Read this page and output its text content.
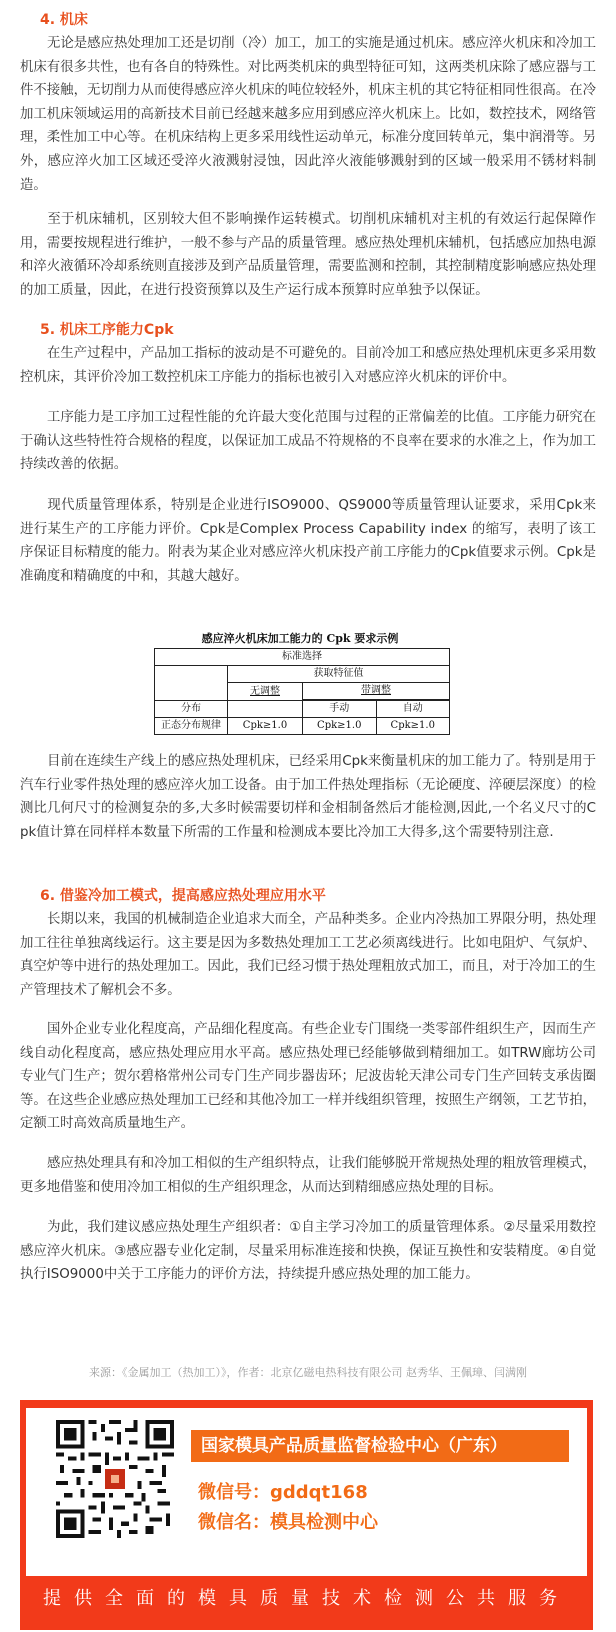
4. 机床
无论是感应热处理加工还是切削（冷）加工，加工的实施是通过机床。感应淬火机床和冷加工机床有很多共性，也有各自的特殊性。对比两类机床的典型特征可知，这两类机床除了感应器与工件不接触，无切削力从而使得感应淬火机床的吨位较轻外，机床主机的其它特征相同性很高。在冷加工机床领域运用的高新技术目前已经越来越多应用到感应淬火机床上。比如，数控技术，网络管理，柔性加工中心等。在机床结构上更多采用线性运动单元，标准分度回转单元，集中润滑等。另外，感应淬火加工区域还受淬火液溅射浸蚀，因此淬火液能够溅射到的区域一般采用不锈材料制造。
至于机床辅机，区别较大但不影响操作运转模式。切削机床辅机对主机的有效运行起保障作用，需要按规程进行维护，一般不参与产品的质量管理。感应热处理机床辅机，包括感应加热电源和淬火液循环冷却系统则直接涉及到产品质量管理，需要监测和控制，其控制精度影响感应热处理的加工质量，因此，在进行投资预算以及生产运行成本预算时应单独予以保证。
5. 机床工序能力Cpk
在生产过程中，产品加工指标的波动是不可避免的。目前冷加工和感应热处理机床更多采用数控机床，其评价冷加工数控机床工序能力的指标也被引入对感应淬火机床的评价中。
工序能力是工序加工过程性能的允许最大变化范围与过程的正常偏差的比值。工序能力研究在于确认这些特性符合规格的程度，以保证加工成品不符规格的不良率在要求的水准之上，作为加工持续改善的依据。
现代质量管理体系，特别是企业进行ISO9000、QS9000等质量管理认证要求，采用Cpk来进行某生产的工序能力评价。Cpk是Complex Process Capability index 的缩写，表明了该工序保证目标精度的能力。附表为某企业对感应淬火机床投产前工序能力的Cpk值要求示例。Cpk是准确度和精确度的中和，其越大越好。
感应淬火机床加工能力的 Cpk 要求示例
标准选择			
	获取特征值		
	无调整	带调整	

分布		手动	自动
正态分布规律	Cpk≥1.0	Cpk≥1.0	Cpk≥1.0
目前在连续生产线上的感应热处理机床，已经采用Cpk来衡量机床的加工能力了。特别是用于汽车行业零件热处理的感应淬火加工设备。由于加工件热处理指标（无论硬度、淬硬层深度）的检测比几何尺寸的检测复杂的多,大多时候需要切样和金相制备然后才能检测,因此,一个名义尺寸的Cpk值计算在同样样本数量下所需的工作量和检测成本要比冷加工大得多,这个需要特别注意.
6. 借鉴冷加工模式，提高感应热处理应用水平
长期以来，我国的机械制造企业追求大而全，产品种类多。企业内冷热加工界限分明，热处理加工往往单独离线运行。这主要是因为多数热处理加工工艺必须离线进行。比如电阻炉、气氛炉、真空炉等中进行的热处理加工。因此，我们已经习惯于热处理粗放式加工，而且，对于冷加工的生产管理技术了解机会不多。
国外企业专业化程度高，产品细化程度高。有些企业专门围绕一类零部件组织生产，因而生产线自动化程度高，感应热处理应用水平高。感应热处理已经能够做到精细加工。如TRW廊坊公司专业气门生产；贺尔碧格常州公司专门生产同步器齿环；尼波齿轮天津公司专门生产回转支承齿圈等。在这些企业感应热处理加工已经和其他冷加工一样并线组织管理，按照生产纲领，工艺节拍，定额工时高效高质量地生产。
感应热处理具有和冷加工相似的生产组织特点，让我们能够脱开常规热处理的粗放管理模式，更多地借鉴和使用冷加工相似的生产组织理念，从而达到精细感应热处理的目标。
为此，我们建议感应热处理生产组织者：①自主学习冷加工的质量管理体系。②尽量采用数控感应淬火机床。③感应器专业化定制，尽量采用标准连接和快换，保证互换性和安装精度。④自觉执行ISO9000中关于工序能力的评价方法，持续提升感应热处理的加工能力。
来源：《金属加工（热加工）》，作者：北京亿磁电热科技有限公司 赵秀华、王佩璋、闫满刚
国家模具产品质量监督检验中心（广东）
微信号：gddqt168
微信名：模具检测中心
提供全面的模具质量技术检测公共服务
